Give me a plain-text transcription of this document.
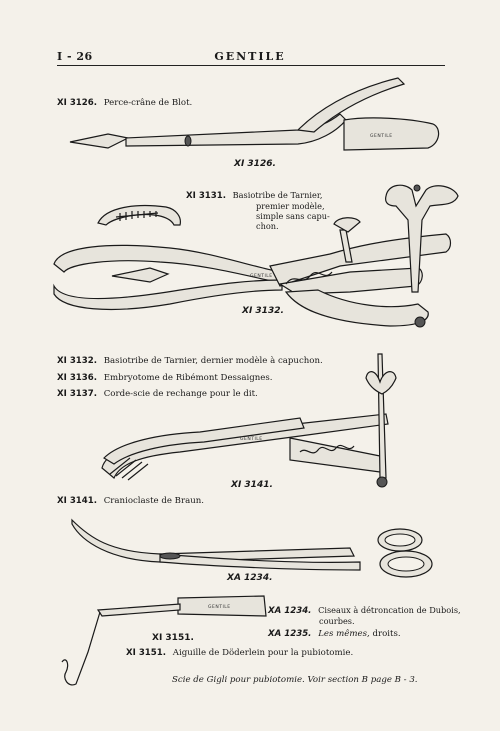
I - 26	GENTILE
XI 3126. Perce-crâne de Blot.
GENTILE
XI 3126.
XI 3131. Basiotribe de Tarnier,
premier modèle,
simple sans capu-
chon.
GENTILE
XI 3132.
XI 3132. Basiotribe de Tarnier, dernier modèle à capuchon.
XI 3136. Embryotome de Ribémont Dessaignes.
XI 3137. Corde-scie de rechange pour le dit.
GENTILE
XI 3141.
XI 3141. Cranioclaste de Braun.
XA 1234.
GENTILE	XA 1234. Ciseaux à détroncation de Dubois,
courbes.
XA 1235. Les mêmes, droits.
XI 3151.
XI 3151. Aiguille de Döderlein pour la pubiotomie.
Scie de Gigli pour pubiotomie. Voir section B page B - 3.
